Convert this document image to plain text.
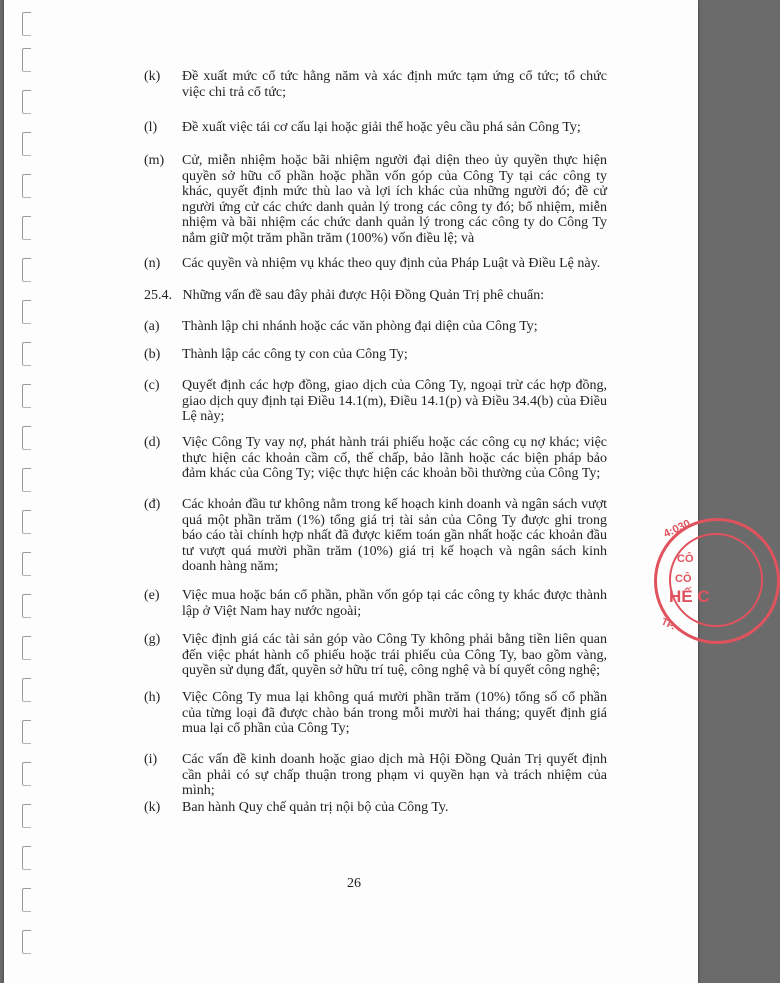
4:030
CÔ
CÔ
HẾ C
TP.
(k) Đề xuất mức cổ tức hằng năm và xác định mức tạm ứng cổ tức; tổ chức việc chi trả cổ tức;
(l) Đề xuất việc tái cơ cấu lại hoặc giải thể hoặc yêu cầu phá sản Công Ty;
(m) Cử, miễn nhiệm hoặc bãi nhiệm người đại diện theo ủy quyền thực hiện quyền sở hữu cổ phần hoặc phần vốn góp của Công Ty tại các công ty khác, quyết định mức thù lao và lợi ích khác của những người đó; đề cử người ứng cử các chức danh quản lý trong các công ty đó; bổ nhiệm, miễn nhiệm và bãi nhiệm các chức danh quản lý trong các công ty do Công Ty nắm giữ một trăm phần trăm (100%) vốn điều lệ; và
(n) Các quyền và nhiệm vụ khác theo quy định của Pháp Luật và Điều Lệ này.
25.4.   Những vấn đề sau đây phải được Hội Đồng Quản Trị phê chuẩn:
(a) Thành lập chi nhánh hoặc các văn phòng đại diện của Công Ty;
(b) Thành lập các công ty con của Công Ty;
(c) Quyết định các hợp đồng, giao dịch của Công Ty, ngoại trừ các hợp đồng, giao dịch quy định tại Điều 14.1(m), Điều 14.1(p) và Điều 34.4(b) của Điều Lệ này;
(d) Việc Công Ty vay nợ, phát hành trái phiếu hoặc các công cụ nợ khác; việc thực hiện các khoản cầm cố, thế chấp, bảo lãnh hoặc các biện pháp bảo đảm khác của Công Ty; việc thực hiện các khoản bồi thường của Công Ty;
(đ) Các khoản đầu tư không nằm trong kế hoạch kinh doanh và ngân sách vượt quá một phần trăm (1%) tổng giá trị tài sản của Công Ty được ghi trong báo cáo tài chính hợp nhất đã được kiểm toán gần nhất hoặc các khoản đầu tư vượt quá mười phần trăm (10%) giá trị kế hoạch và ngân sách kinh doanh hàng năm;
(e) Việc mua hoặc bán cổ phần, phần vốn góp tại các công ty khác được thành lập ở Việt Nam hay nước ngoài;
(g) Việc định giá các tài sản góp vào Công Ty không phải bằng tiền liên quan đến việc phát hành cổ phiếu hoặc trái phiếu của Công Ty, bao gồm vàng, quyền sử dụng đất, quyền sở hữu trí tuệ, công nghệ và bí quyết công nghệ;
(h) Việc Công Ty mua lại không quá mười phần trăm (10%) tổng số cổ phần của từng loại đã được chào bán trong mỗi mười hai tháng; quyết định giá mua lại cổ phần của Công Ty;
(i) Các vấn đề kinh doanh hoặc giao dịch mà Hội Đồng Quản Trị quyết định cần phải có sự chấp thuận trong phạm vi quyền hạn và trách nhiệm của mình;
(k) Ban hành Quy chế quản trị nội bộ của Công Ty.
26
